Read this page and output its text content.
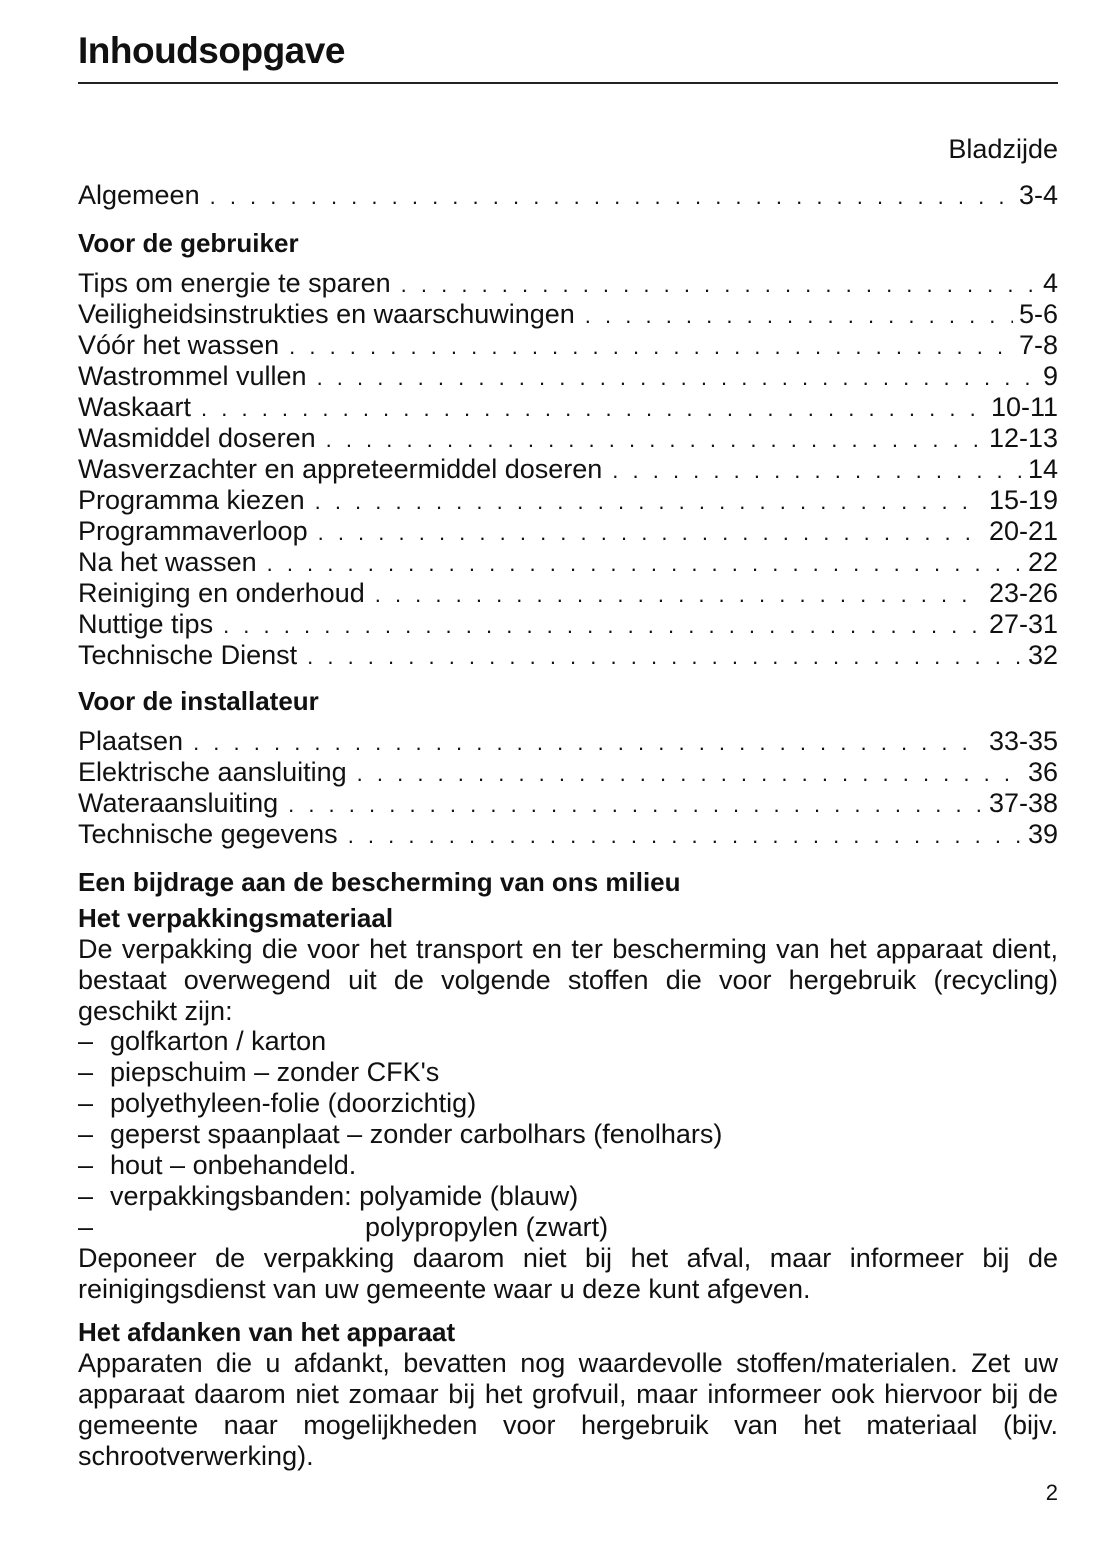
Inhoudsopgave
Bladzijde
Algemeen . . .	3-4
Voor de gebruiker
Tips om energie te sparen . . .	4
Veiligheidsinstrukties en waarschuwingen . . .	5-6
Vóór het wassen . . .	7-8
Wastrommel vullen . . .	9
Waskaart . . .	10-11
Wasmiddel doseren . . .	12-13
Wasverzachter en appreteermiddel doseren . . .	14
Programma kiezen . . .	15-19
Programmaverloop . . .	20-21
Na het wassen . . .	22
Reiniging en onderhoud . . .	23-26
Nuttige tips . . .	27-31
Technische Dienst . . .	32
Voor de installateur
Plaatsen . . .	33-35
Elektrische aansluiting . . .	36
Wateraansluiting . . .	37-38
Technische gegevens . . .	39
Een bijdrage aan de bescherming van ons milieu
Het verpakkingsmateriaal
De verpakking die voor het transport en ter bescherming van het apparaat dient, bestaat overwegend uit de volgende stoffen die voor hergebruik (recycling) geschikt zijn:
– golfkarton / karton
– piepschuim – zonder CFK's
– polyethyleen-folie (doorzichtig)
– geperst spaanplaat – zonder carbolhars (fenolhars)
– hout – onbehandeld.
– verpakkingsbanden: polyamide (blauw)
–	polypropylen (zwart)
Deponeer de verpakking daarom niet bij het afval, maar informeer bij de reinigingsdienst van uw gemeente waar u deze kunt afgeven.
Het afdanken van het apparaat
Apparaten die u afdankt, bevatten nog waardevolle stoffen/materialen. Zet uw apparaat daarom niet zomaar bij het grofvuil, maar informeer ook hiervoor bij de gemeente naar mogelijkheden voor hergebruik van het materiaal (bijv. schrootverwerking).
2
